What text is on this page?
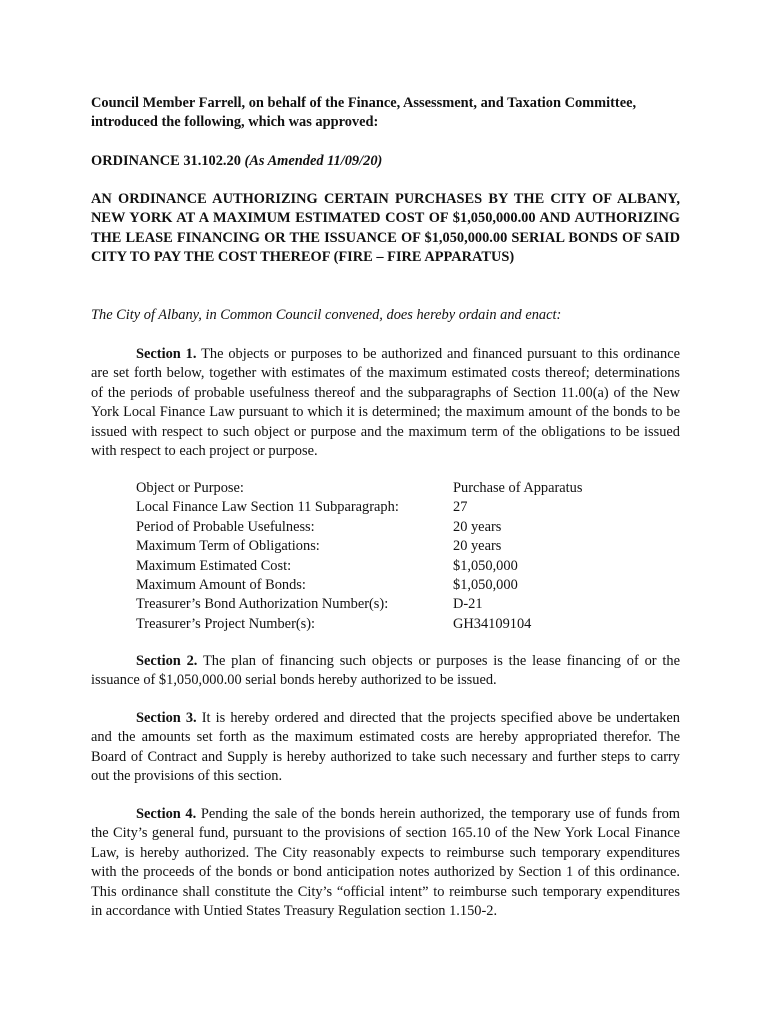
Council Member Farrell, on behalf of the Finance, Assessment, and Taxation Committee, introduced the following, which was approved:

ORDINANCE 31.102.20 (As Amended 11/09/20)

AN ORDINANCE AUTHORIZING CERTAIN PURCHASES BY THE CITY OF ALBANY, NEW YORK AT A MAXIMUM ESTIMATED COST OF $1,050,000.00 AND AUTHORIZING THE LEASE FINANCING OR THE ISSUANCE OF $1,050,000.00 SERIAL BONDS OF SAID CITY TO PAY THE COST THEREOF (FIRE – FIRE APPARATUS)

The City of Albany, in Common Council convened, does hereby ordain and enact:

Section 1. The objects or purposes to be authorized and financed pursuant to this ordinance are set forth below, together with estimates of the maximum estimated costs thereof; determinations of the periods of probable usefulness thereof and the subparagraphs of Section 11.00(a) of the New York Local Finance Law pursuant to which it is determined; the maximum amount of the bonds to be issued with respect to such object or purpose and the maximum term of the obligations to be issued with respect to each project or purpose.

Object or Purpose:	Purchase of Apparatus
Local Finance Law Section 11 Subparagraph:	27
Period of Probable Usefulness:	20 years
Maximum Term of Obligations:	20 years
Maximum Estimated Cost:	$1,050,000
Maximum Amount of Bonds:	$1,050,000
Treasurer’s Bond Authorization Number(s):	D-21
Treasurer’s Project Number(s):	GH34109104

Section 2. The plan of financing such objects or purposes is the lease financing of or the issuance of $1,050,000.00 serial bonds hereby authorized to be issued.

Section 3. It is hereby ordered and directed that the projects specified above be undertaken and the amounts set forth as the maximum estimated costs are hereby appropriated therefor. The Board of Contract and Supply is hereby authorized to take such necessary and further steps to carry out the provisions of this section.

Section 4. Pending the sale of the bonds herein authorized, the temporary use of funds from the City’s general fund, pursuant to the provisions of section 165.10 of the New York Local Finance Law, is hereby authorized. The City reasonably expects to reimburse such temporary expenditures with the proceeds of the bonds or bond anticipation notes authorized by Section 1 of this ordinance. This ordinance shall constitute the City’s “official intent” to reimburse such temporary expenditures in accordance with Untied States Treasury Regulation section 1.150-2.
